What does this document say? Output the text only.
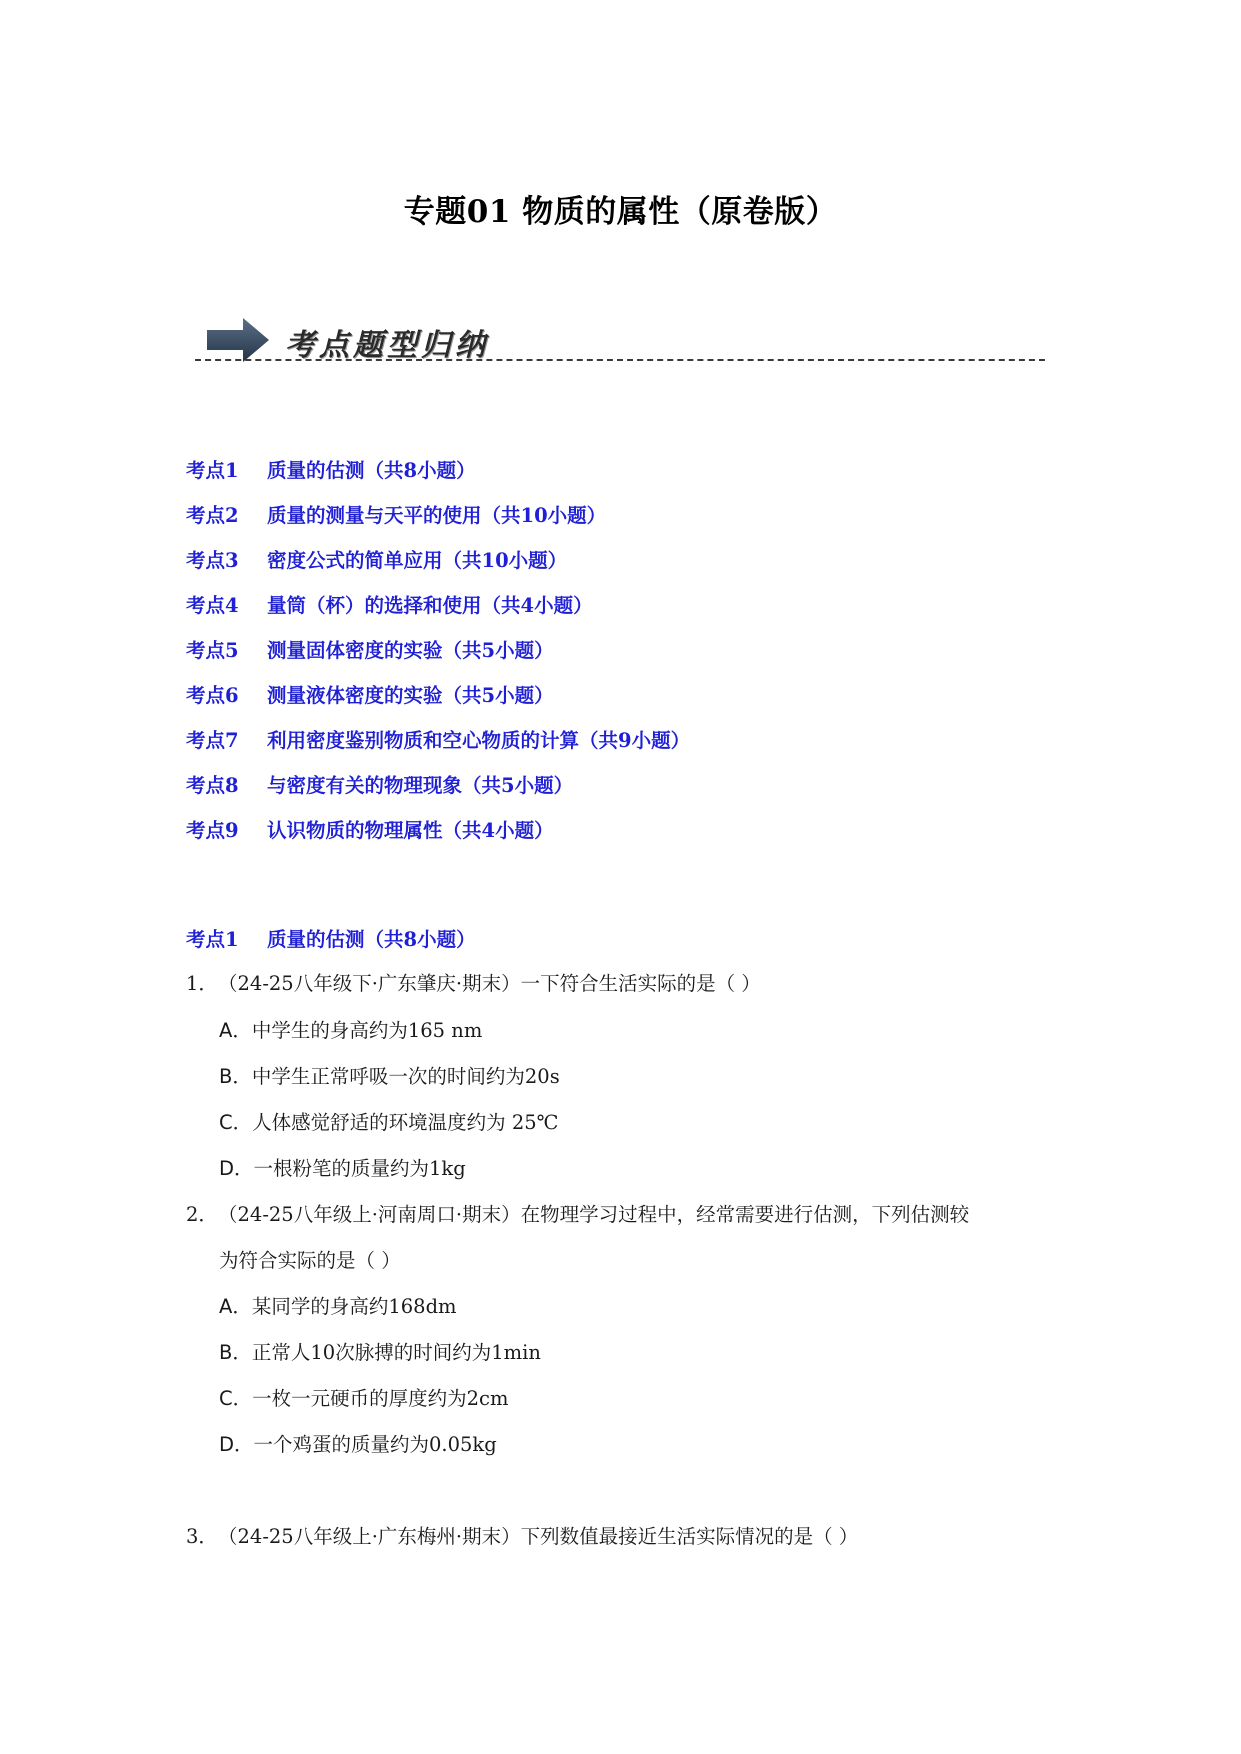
专题01 物质的属性（原卷版）
考点题型归纳
考点1	质量的估测（共8小题）
考点2	质量的测量与天平的使用（共10小题）
考点3	密度公式的简单应用（共10小题）
考点4	量筒（杯）的选择和使用（共4小题）
考点5	测量固体密度的实验（共5小题）
考点6	测量液体密度的实验（共5小题）
考点7	利用密度鉴别物质和空心物质的计算（共9小题）
考点8	与密度有关的物理现象（共5小题）
考点9	认识物质的物理属性（共4小题）
考点1 质量的估测（共8小题）
1．（24-25八年级下·广东肇庆·期末）一下符合生活实际的是（ ）
A．中学生的身高约为165 nm
B．中学生正常呼吸一次的时间约为20s
C．人体感觉舒适的环境温度约为 25℃
D．一根粉笔的质量约为1kg
2．（24-25八年级上·河南周口·期末）在物理学习过程中，经常需要进行估测，下列估测较
为符合实际的是（ ）
A．某同学的身高约168dm
B．正常人10次脉搏的时间约为1min
C．一枚一元硬币的厚度约为2cm
D．一个鸡蛋的质量约为0.05kg
3．（24-25八年级上·广东梅州·期末）下列数值最接近生活实际情况的是（ ）
